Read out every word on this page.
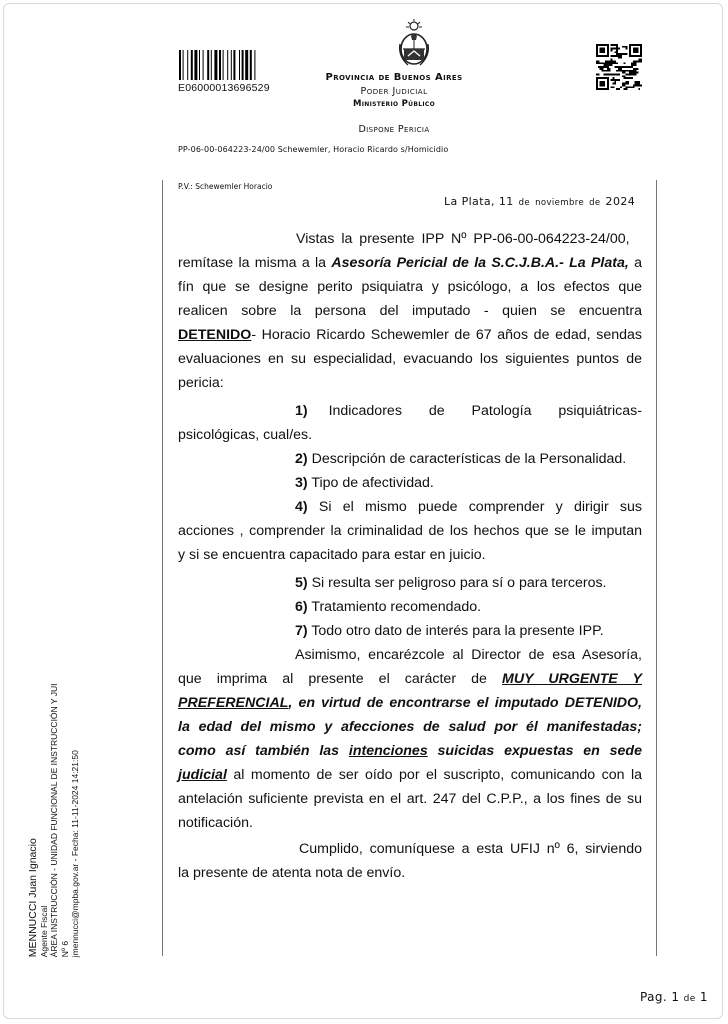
E06000013696529
Provincia de Buenos Aires
Poder Judicial
Ministerio Público
Dispone Pericia
PP-06-00-064223-24/00 Schewemler, Horacio Ricardo s/Homicidio
P.V.: Schewemler Horacio
La Plata, 11 de noviembre de 2024
Vistas la presente IPP Nº PP-06-00-064223-24/00,
remítase la misma a la Asesoría Pericial de la S.C.J.B.A.- La Plata, a
fín que se designe perito psiquiatra y psicólogo, a los efectos que
realicen sobre la persona del imputado - quien se encuentra
DETENIDO- Horacio Ricardo Schewemler de 67 años de edad, sendas
evaluaciones en su especialidad, evacuando los siguientes puntos de
pericia:
1) Indicadores de Patología psiquiátricas-
psicológicas, cual/es.
2) Descripción de características de la Personalidad.
3) Tipo de afectividad.
4) Si el mismo puede comprender y dirigir sus
acciones , comprender la criminalidad de los hechos que se le imputan
y si se encuentra capacitado para estar en juicio.
5) Si resulta ser peligroso para sí o para terceros.
6) Tratamiento recomendado.
7) Todo otro dato de interés para la presente IPP.
Asimismo, encarézcole al Director de esa Asesoría,
que imprima al presente el carácter de MUY URGENTE Y
PREFERENCIAL, en virtud de encontrarse el imputado DETENIDO,
la edad del mismo y afecciones de salud por él manifestadas;
como así también las intenciones suicidas expuestas en sede
judicial al momento de ser oído por el suscripto, comunicando con la
antelación suficiente prevista en el art. 247 del C.P.P., a los fines de su
notificación.
Cumplido, comuníquese a esta UFIJ nº 6, sirviendo
la presente de atenta nota de envío.
MENNUCCI Juan Ignacio Agente Fiscal ÁREA INSTRUCCIÓN - UNIDAD FUNCIONAL DE INSTRUCCIÓN Y JUI Nº 6 jmennucci@mpba.gov.ar - Fecha: 11-11-2024 14:21:50
Pag. 1 de 1
